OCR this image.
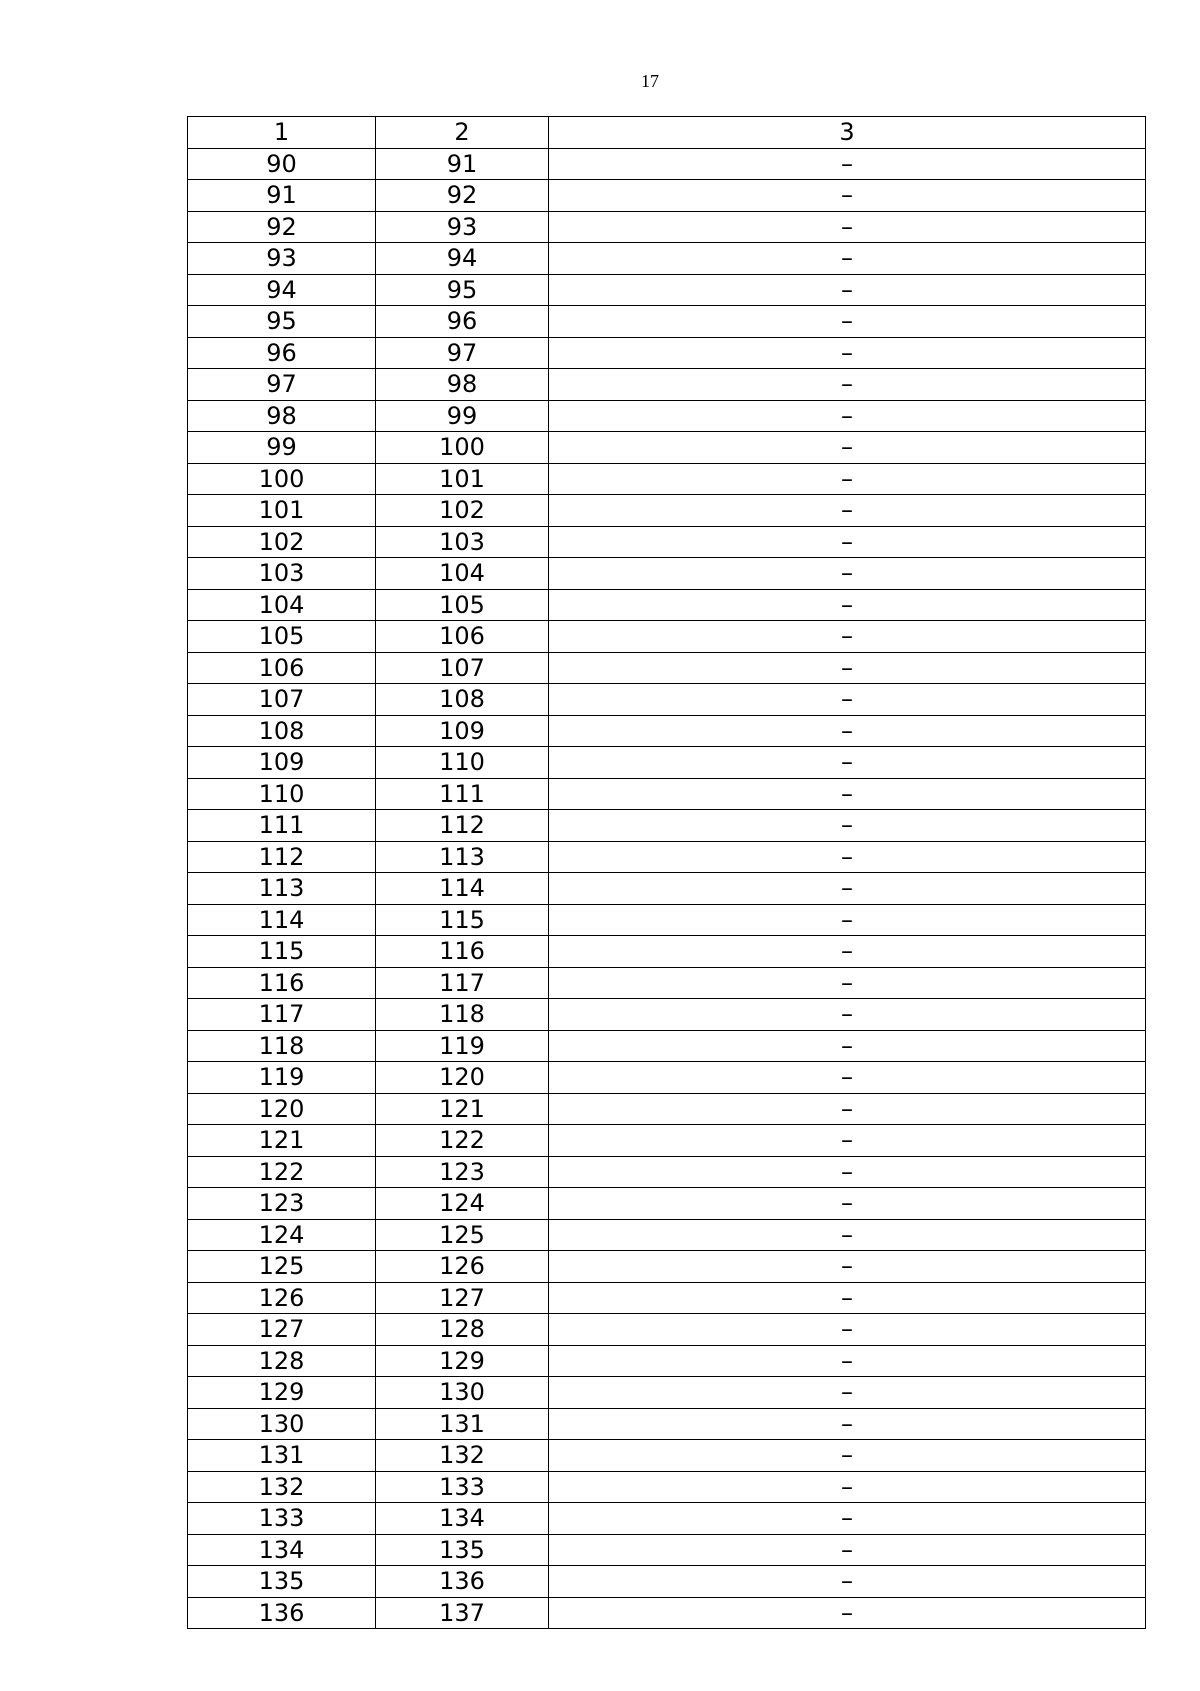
17
1	2	3
90	91	–
91	92	–
92	93	–
93	94	–
94	95	–
95	96	–
96	97	–
97	98	–
98	99	–
99	100	–
100	101	–
101	102	–
102	103	–
103	104	–
104	105	–
105	106	–
106	107	–
107	108	–
108	109	–
109	110	–
110	111	–
111	112	–
112	113	–
113	114	–
114	115	–
115	116	–
116	117	–
117	118	–
118	119	–
119	120	–
120	121	–
121	122	–
122	123	–
123	124	–
124	125	–
125	126	–
126	127	–
127	128	–
128	129	–
129	130	–
130	131	–
131	132	–
132	133	–
133	134	–
134	135	–
135	136	–
136	137	–
